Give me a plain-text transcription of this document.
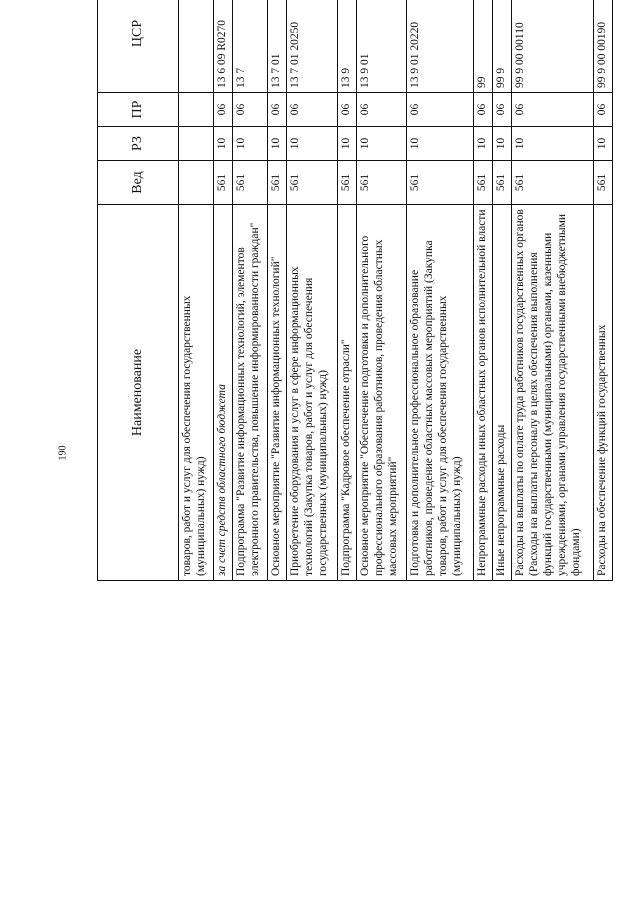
190
Наименование	Вед	РЗ	ПР	ЦСР		
товаров, работ и услуг для обеспечения государственных (муниципальных) нужд)						
за счет средств областного бюджета	561	10	06	13 6 09 R0270		
Подпрограмма "Развитие информационных технологий, элементов электронного правительства, повышение информированности граждан"	561	10	06	13 7		
Основное мероприятие "Развитие информационных технологий"	561	10	06	13 7 01		
Приобретение оборудования и услуг в сфере информационных технологий (Закупка товаров, работ и услуг для обеспечения государственных (муниципальных) нужд)	561	10	06	13 7 01 20250		
Подпрограмма "Кадровое обеспечение отрасли"	561	10	06	13 9		
Основное мероприятие "Обеспечение подготовки и дополнительного профессионального образования работников, проведения областных массовых мероприятий"	561	10	06	13 9 01		
Подготовка и дополнительное профессиональное образование работников, проведение областных массовых мероприятий (Закупка товаров, работ и услуг для обеспечения государственных (муниципальных) нужд)	561	10	06	13 9 01 20220		
Непрограммные расходы иных областных органов исполнительной власти	561	10	06	99		
Иные непрограммные расходы	561	10	06	99 9		
Расходы на выплаты по оплате труда работников государственных органов (Расходы на выплаты персоналу в целях обеспечения выполнения функций государственными (муниципальными) органами, казенными учреждениями, органами управления государственными внебюджетными фондами)	561	10	06	99 9 00 00110		
Расходы на обеспечение функций государственных	561	10	06	99 9 00 00190		
